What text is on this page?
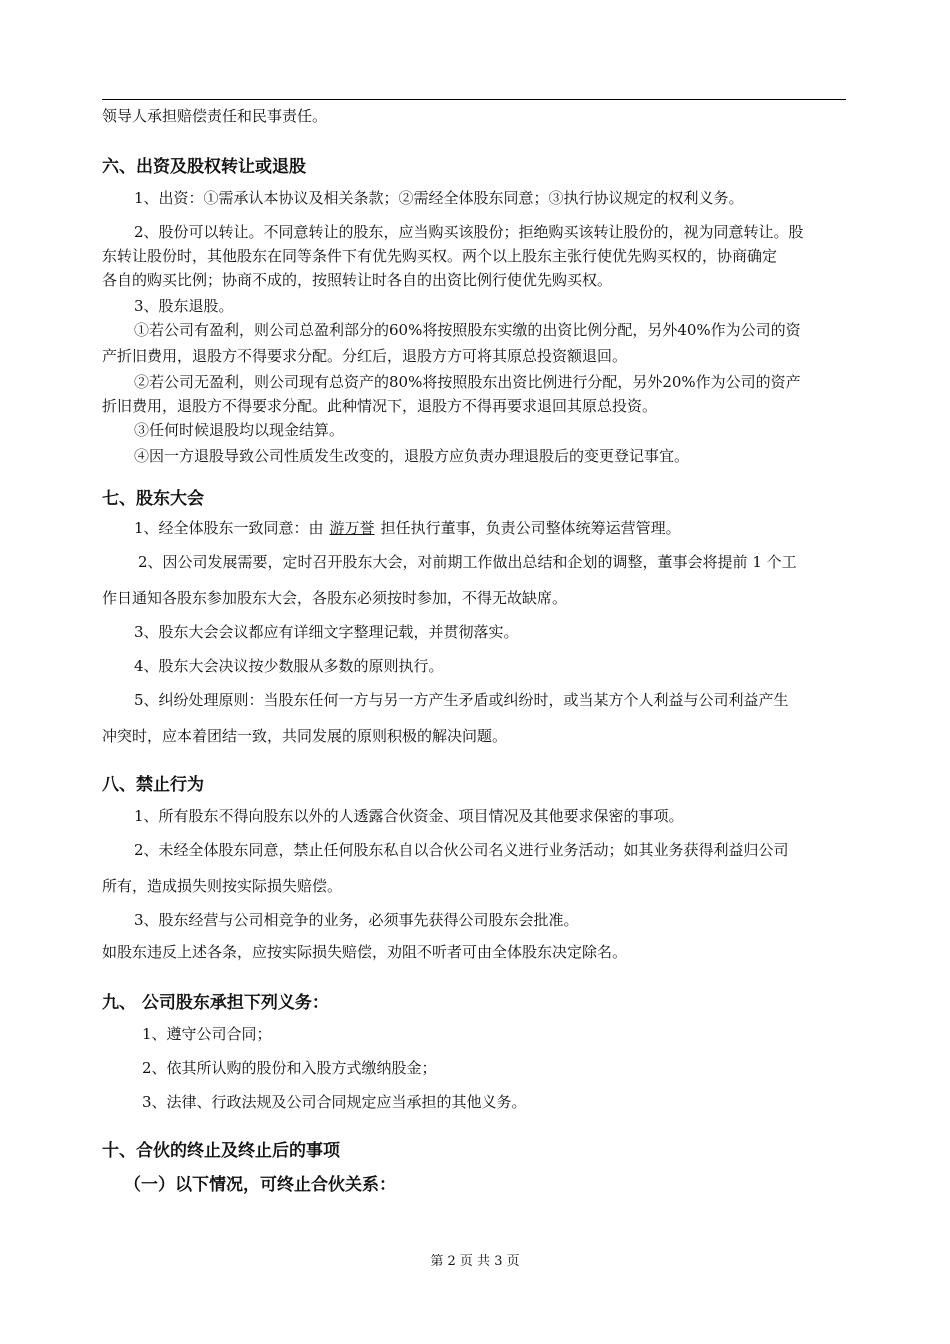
领导人承担赔偿责任和民事责任。
六、出资及股权转让或退股
1、出资：①需承认本协议及相关条款；②需经全体股东同意；③执行协议规定的权利义务。
2、股份可以转让。不同意转让的股东，应当购买该股份；拒绝购买该转让股份的，视为同意转让。股
东转让股份时，其他股东在同等条件下有优先购买权。两个以上股东主张行使优先购买权的，协商确定
各自的购买比例；协商不成的，按照转让时各自的出资比例行使优先购买权。
3、股东退股。
①若公司有盈利，则公司总盈利部分的60%将按照股东实缴的出资比例分配，另外40%作为公司的资
产折旧费用，退股方不得要求分配。分红后，退股方方可将其原总投资额退回。
②若公司无盈利，则公司现有总资产的80%将按照股东出资比例进行分配，另外20%作为公司的资产
折旧费用，退股方不得要求分配。此种情况下，退股方不得再要求退回其原总投资。
③任何时候退股均以现金结算。
④因一方退股导致公司性质发生改变的，退股方应负责办理退股后的变更登记事宜。
七、股东大会
1、经全体股东一致同意：由 游万誉 担任执行董事，负责公司整体统筹运营管理。
2、因公司发展需要，定时召开股东大会，对前期工作做出总结和企划的调整，董事会将提前 1 个工
作日通知各股东参加股东大会，各股东必须按时参加，不得无故缺席。
3、股东大会会议都应有详细文字整理记载，并贯彻落实。
4、股东大会决议按少数服从多数的原则执行。
5、纠纷处理原则：当股东任何一方与另一方产生矛盾或纠纷时，或当某方个人利益与公司利益产生
冲突时，应本着团结一致，共同发展的原则积极的解决问题。
八、禁止行为
1、所有股东不得向股东以外的人透露合伙资金、项目情况及其他要求保密的事项。
2、未经全体股东同意，禁止任何股东私自以合伙公司名义进行业务活动；如其业务获得利益归公司
所有，造成损失则按实际损失赔偿。
3、股东经营与公司相竞争的业务，必须事先获得公司股东会批准。
如股东违反上述各条，应按实际损失赔偿，劝阻不听者可由全体股东决定除名。
九、 公司股东承担下列义务：
1、遵守公司合同；
2、依其所认购的股份和入股方式缴纳股金；
3、法律、行政法规及公司合同规定应当承担的其他义务。
十、合伙的终止及终止后的事项
（一）以下情况，可终止合伙关系：
第 2 页 共 3 页
